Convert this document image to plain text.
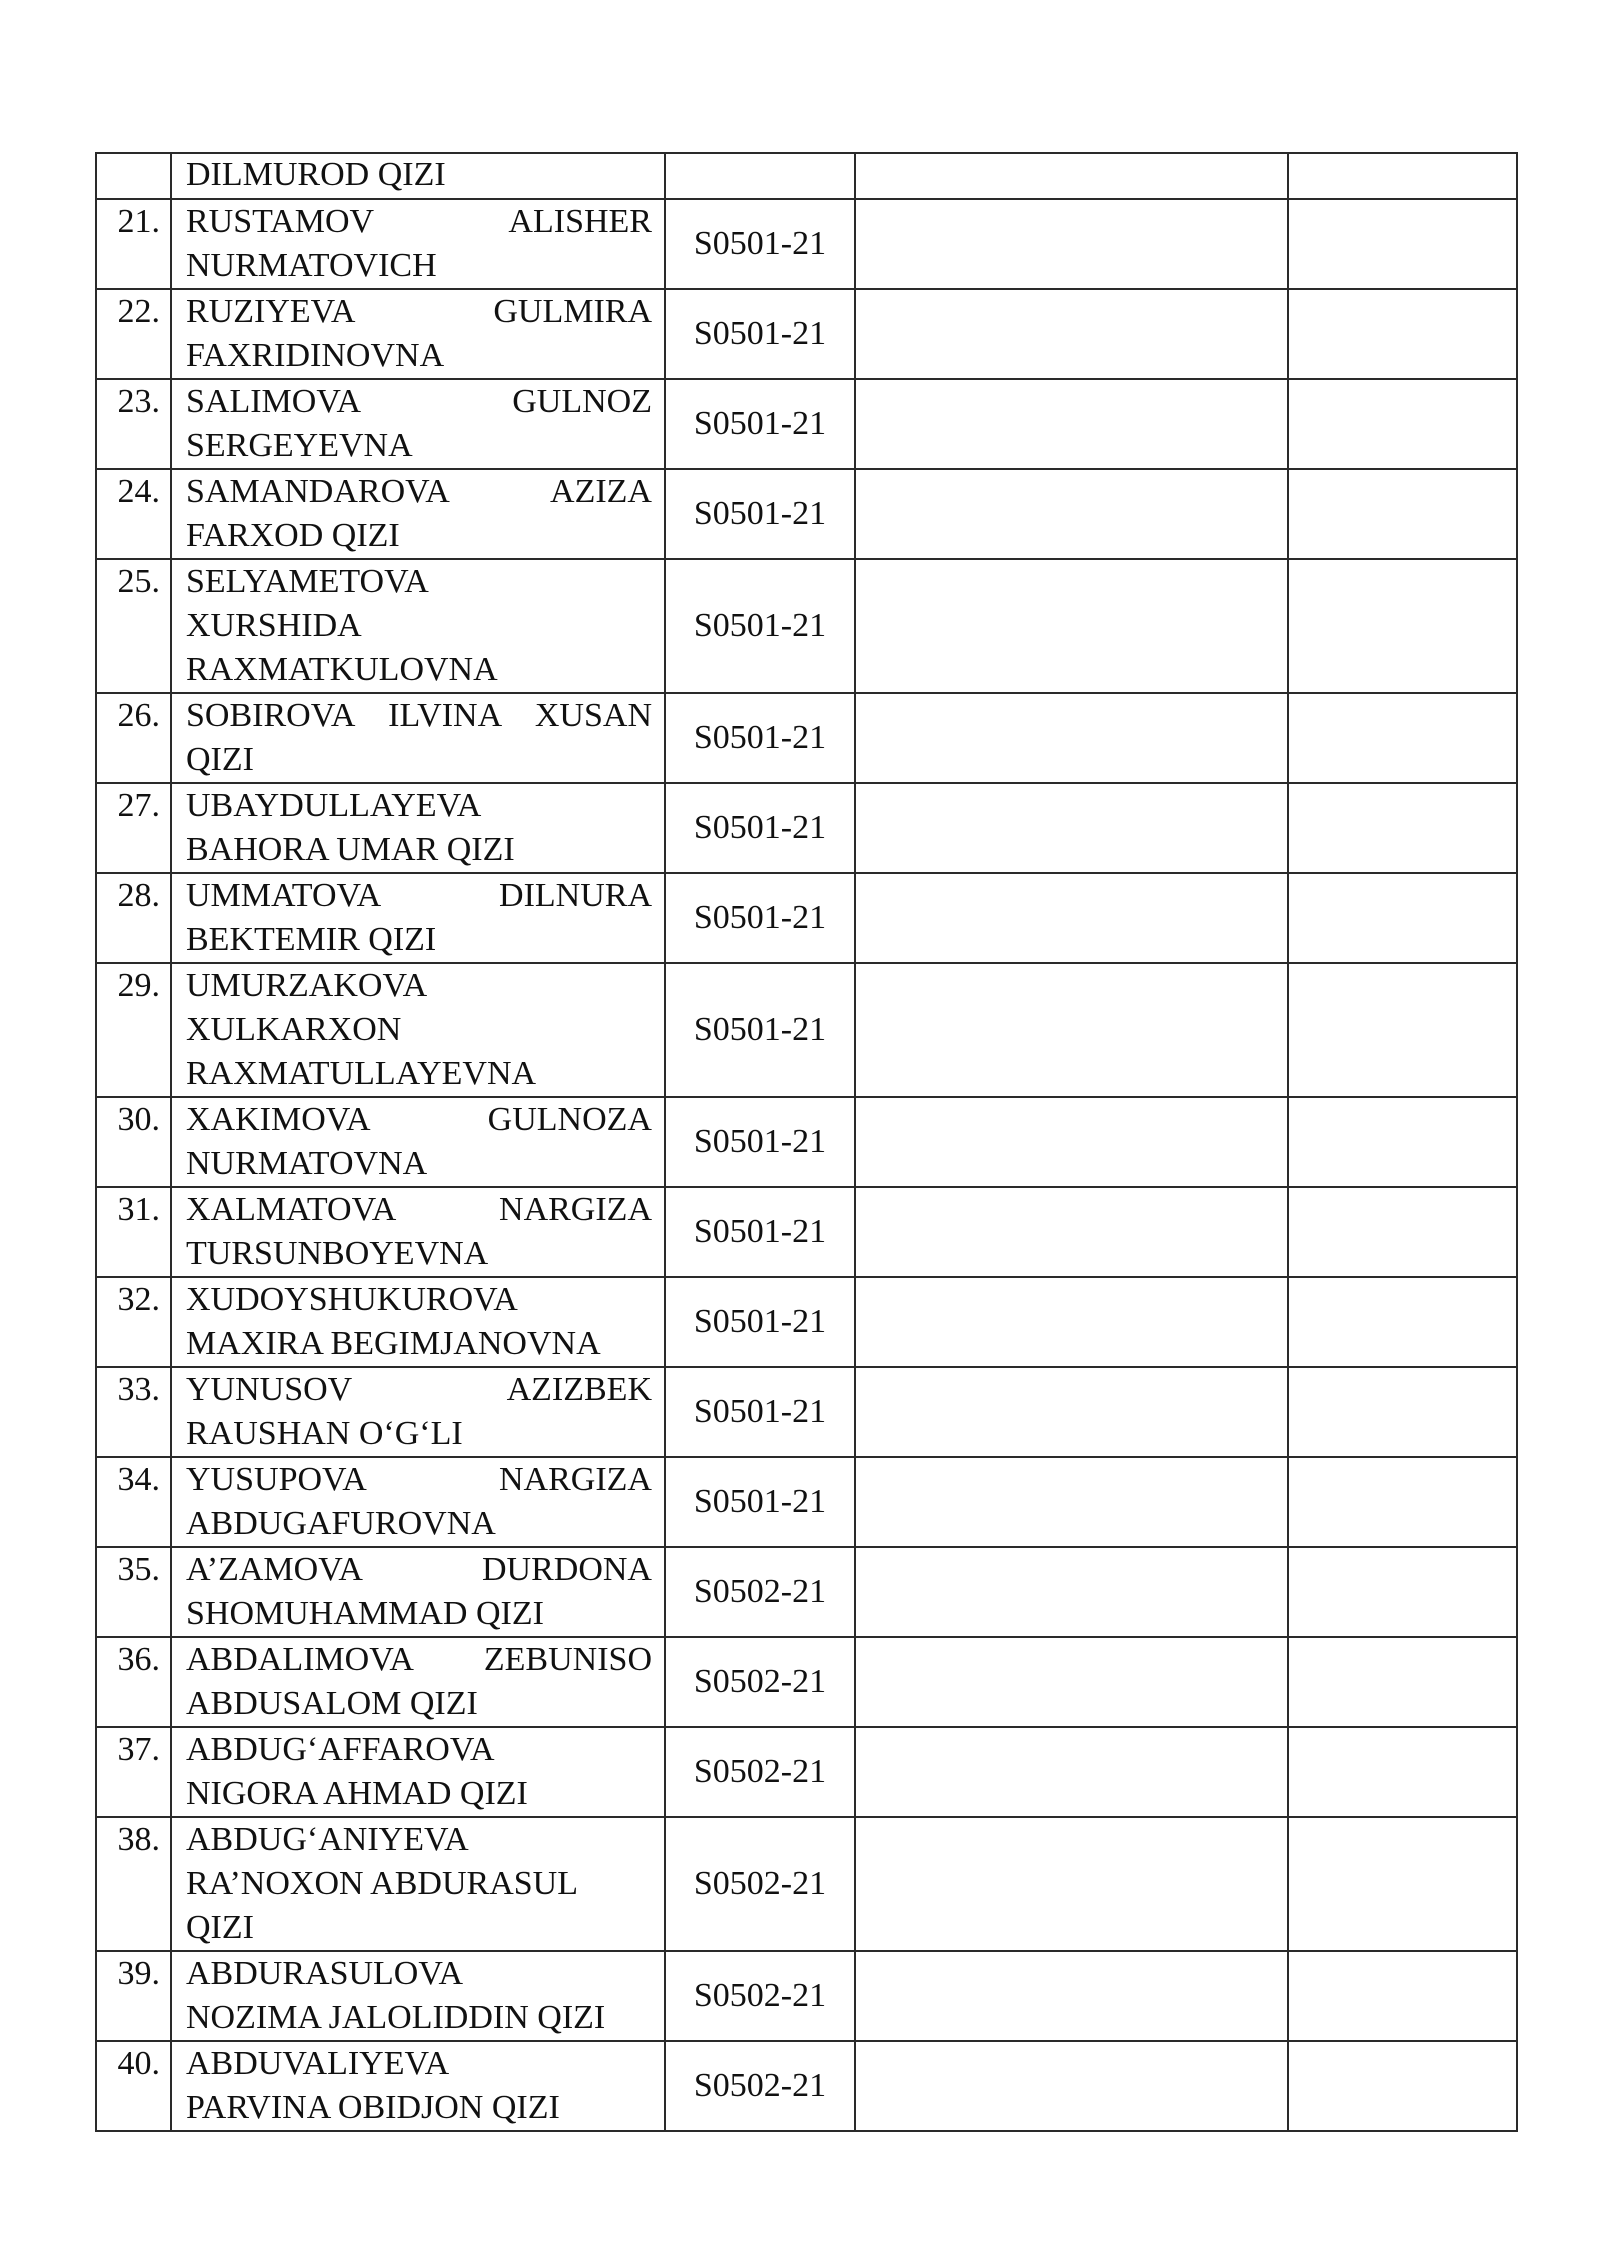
	DILMUROD QIZI			
21.	RUSTAMOV ALISHER NURMATOVICH	S0501-21		
22.	RUZIYEVA GULMIRA FAXRIDINOVNA	S0501-21		
23.	SALIMOVA GULNOZ SERGEYEVNA	S0501-21		
24.	SAMANDAROVA AZIZA FARXOD QIZI	S0501-21		
25.	SELYAMETOVA
XURSHIDA
RAXMATKULOVNA	S0501-21		
26.	SOBIROVA ILVINA XUSAN QIZI	S0501-21		
27.	UBAYDULLAYEVA
BAHORA UMAR QIZI	S0501-21		
28.	UMMATOVA DILNURA BEKTEMIR QIZI	S0501-21		
29.	UMURZAKOVA
XULKARXON
RAXMATULLAYEVNA	S0501-21		
30.	XAKIMOVA GULNOZA NURMATOVNA	S0501-21		
31.	XALMATOVA NARGIZA TURSUNBOYEVNA	S0501-21		
32.	XUDOYSHUKUROVA
MAXIRA BEGIMJANOVNA	S0501-21		
33.	YUNUSOV AZIZBEK RAUSHAN O‘G‘LI	S0501-21		
34.	YUSUPOVA NARGIZA ABDUGAFUROVNA	S0501-21		
35.	A’ZAMOVA DURDONA SHOMUHAMMAD QIZI	S0502-21		
36.	ABDALIMOVA ZEBUNISO ABDUSALOM QIZI	S0502-21		
37.	ABDUG‘AFFAROVA
NIGORA AHMAD QIZI	S0502-21		
38.	ABDUG‘ANIYEVA
RA’NOXON ABDURASUL
QIZI	S0502-21		
39.	ABDURASULOVA
NOZIMA JALOLIDDIN QIZI	S0502-21		
40.	ABDUVALIYEVA
PARVINA OBIDJON QIZI	S0502-21		
